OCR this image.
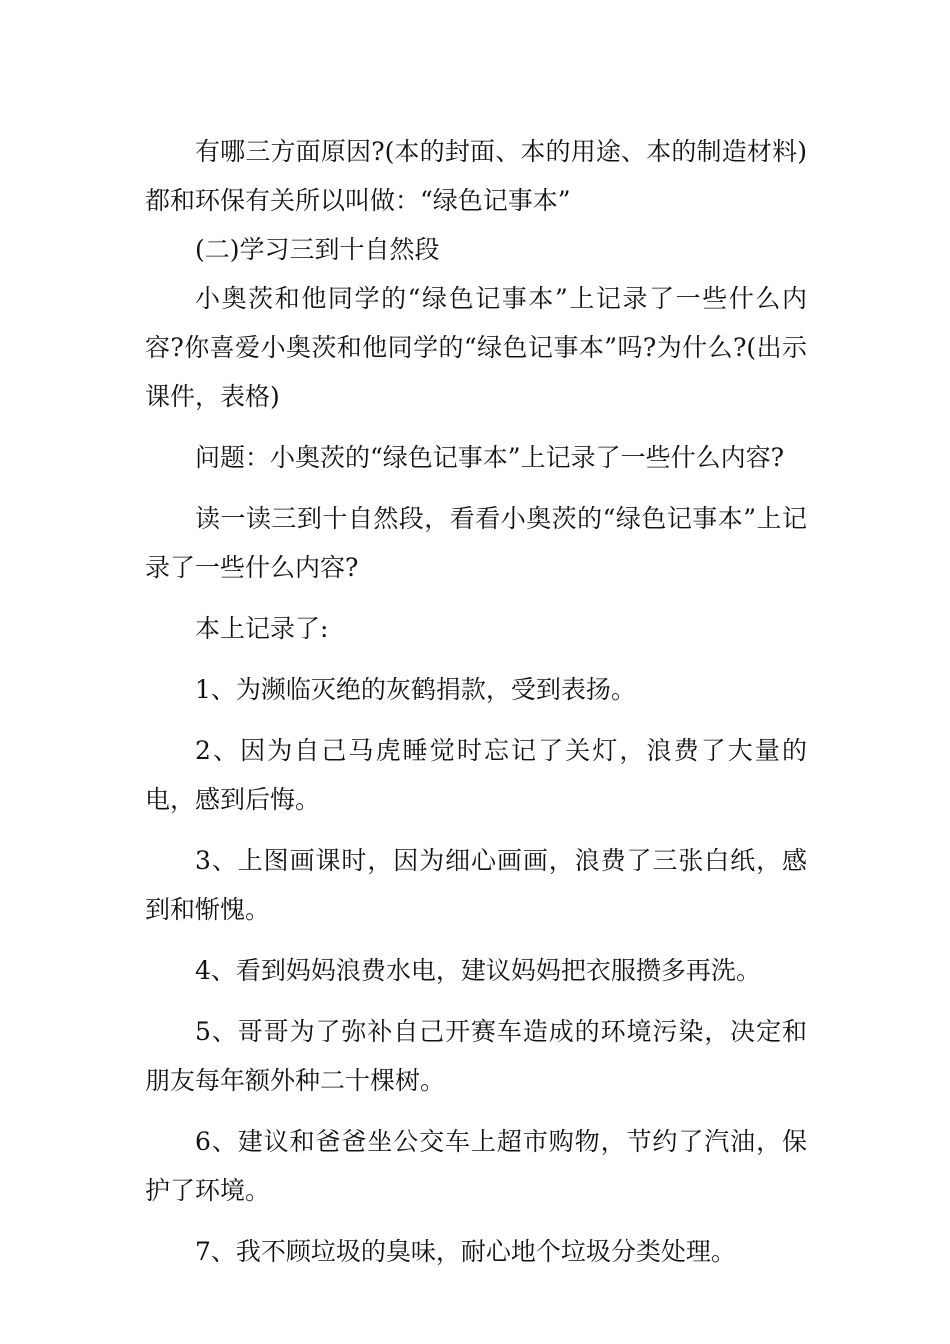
有哪三方面原因?(本的封面、本的用途、本的制造材料)都和环保有关所以叫做：“绿色记事本”

(二)学习三到十自然段

小奥茨和他同学的“绿色记事本”上记录了一些什么内容?你喜爱小奥茨和他同学的“绿色记事本”吗?为什么?(出示课件，表格)

问题：小奥茨的“绿色记事本”上记录了一些什么内容?

读一读三到十自然段，看看小奥茨的“绿色记事本”上记录了一些什么内容?

本上记录了:

1、为濒临灭绝的灰鹤捐款，受到表扬。

2、因为自己马虎睡觉时忘记了关灯，浪费了大量的电，感到后悔。

3、上图画课时，因为细心画画，浪费了三张白纸，感到和惭愧。

4、看到妈妈浪费水电，建议妈妈把衣服攒多再洗。

5、哥哥为了弥补自己开赛车造成的环境污染，决定和朋友每年额外种二十棵树。

6、建议和爸爸坐公交车上超市购物，节约了汽油，保护了环境。

7、我不顾垃圾的臭味，耐心地个垃圾分类处理。
